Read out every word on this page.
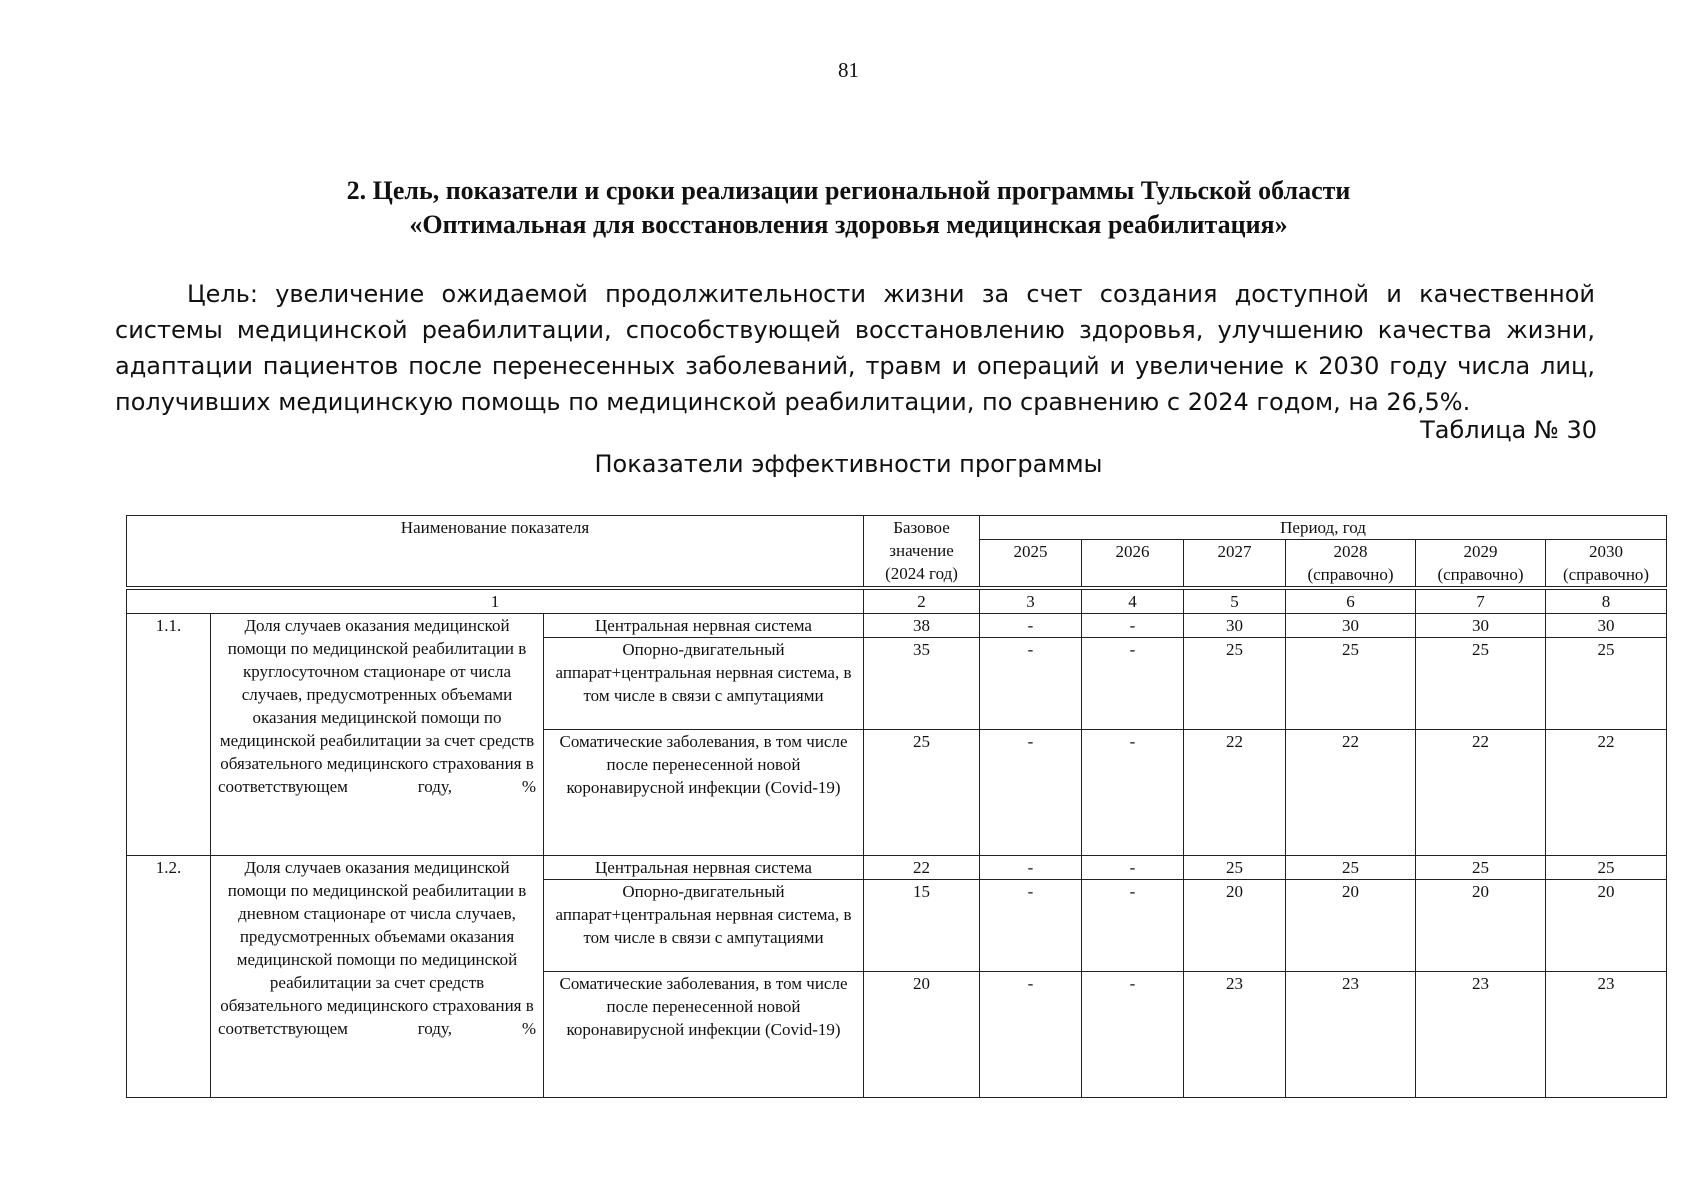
81
2. Цель, показатели и сроки реализации региональной программы Тульской области
«Оптимальная для восстановления здоровья медицинская реабилитация»

Цель: увеличение ожидаемой продолжительности жизни за счет создания доступной и качественной системы медицинской реабилитации, способствующей восстановлению здоровья, улучшению качества жизни, адаптации пациентов после перенесенных заболеваний, травм и операций и увеличение к 2030 году числа лиц, получивших медицинскую помощь по медицинской реабилитации, по сравнению с 2024 годом, на 26,5%.

Таблица № 30
Показатели эффективности программы
Наименование показателя			Базовое значение (2024 год)	Период, год					
				2025	2026	2027	2028 (справочно)	2029 (справочно)	2030 (справочно)

1			2	3	4	5	6	7	8
1.1.	Доля случаев оказания медицинской помощи по медицинской реабилитации в круглосуточном стационаре от числа случаев, предусмотренных объемами оказания медицинской помощи по медицинской реабилитации за счет средств обязательного медицинского страхования в соответствующем году, %	Центральная нервная система	38	-	-	30	30	30	30
		Опорно-двигательный аппарат+центральная нервная система, в том числе в связи с ампутациями	35	-	-	25	25	25	25
		Соматические заболевания, в том числе после перенесенной новой коронавирусной инфекции (Covid-19)	25	-	-	22	22	22	22
1.2.	Доля случаев оказания медицинской помощи по медицинской реабилитации в дневном стационаре от числа случаев, предусмотренных объемами оказания медицинской помощи по медицинской реабилитации за счет средств обязательного медицинского страхования в соответствующем году, %	Центральная нервная система	22	-	-	25	25	25	25
		Опорно-двигательный аппарат+центральная нервная система, в том числе в связи с ампутациями	15	-	-	20	20	20	20
		Соматические заболевания, в том числе после перенесенной новой коронавирусной инфекции (Covid-19)	20	-	-	23	23	23	23
